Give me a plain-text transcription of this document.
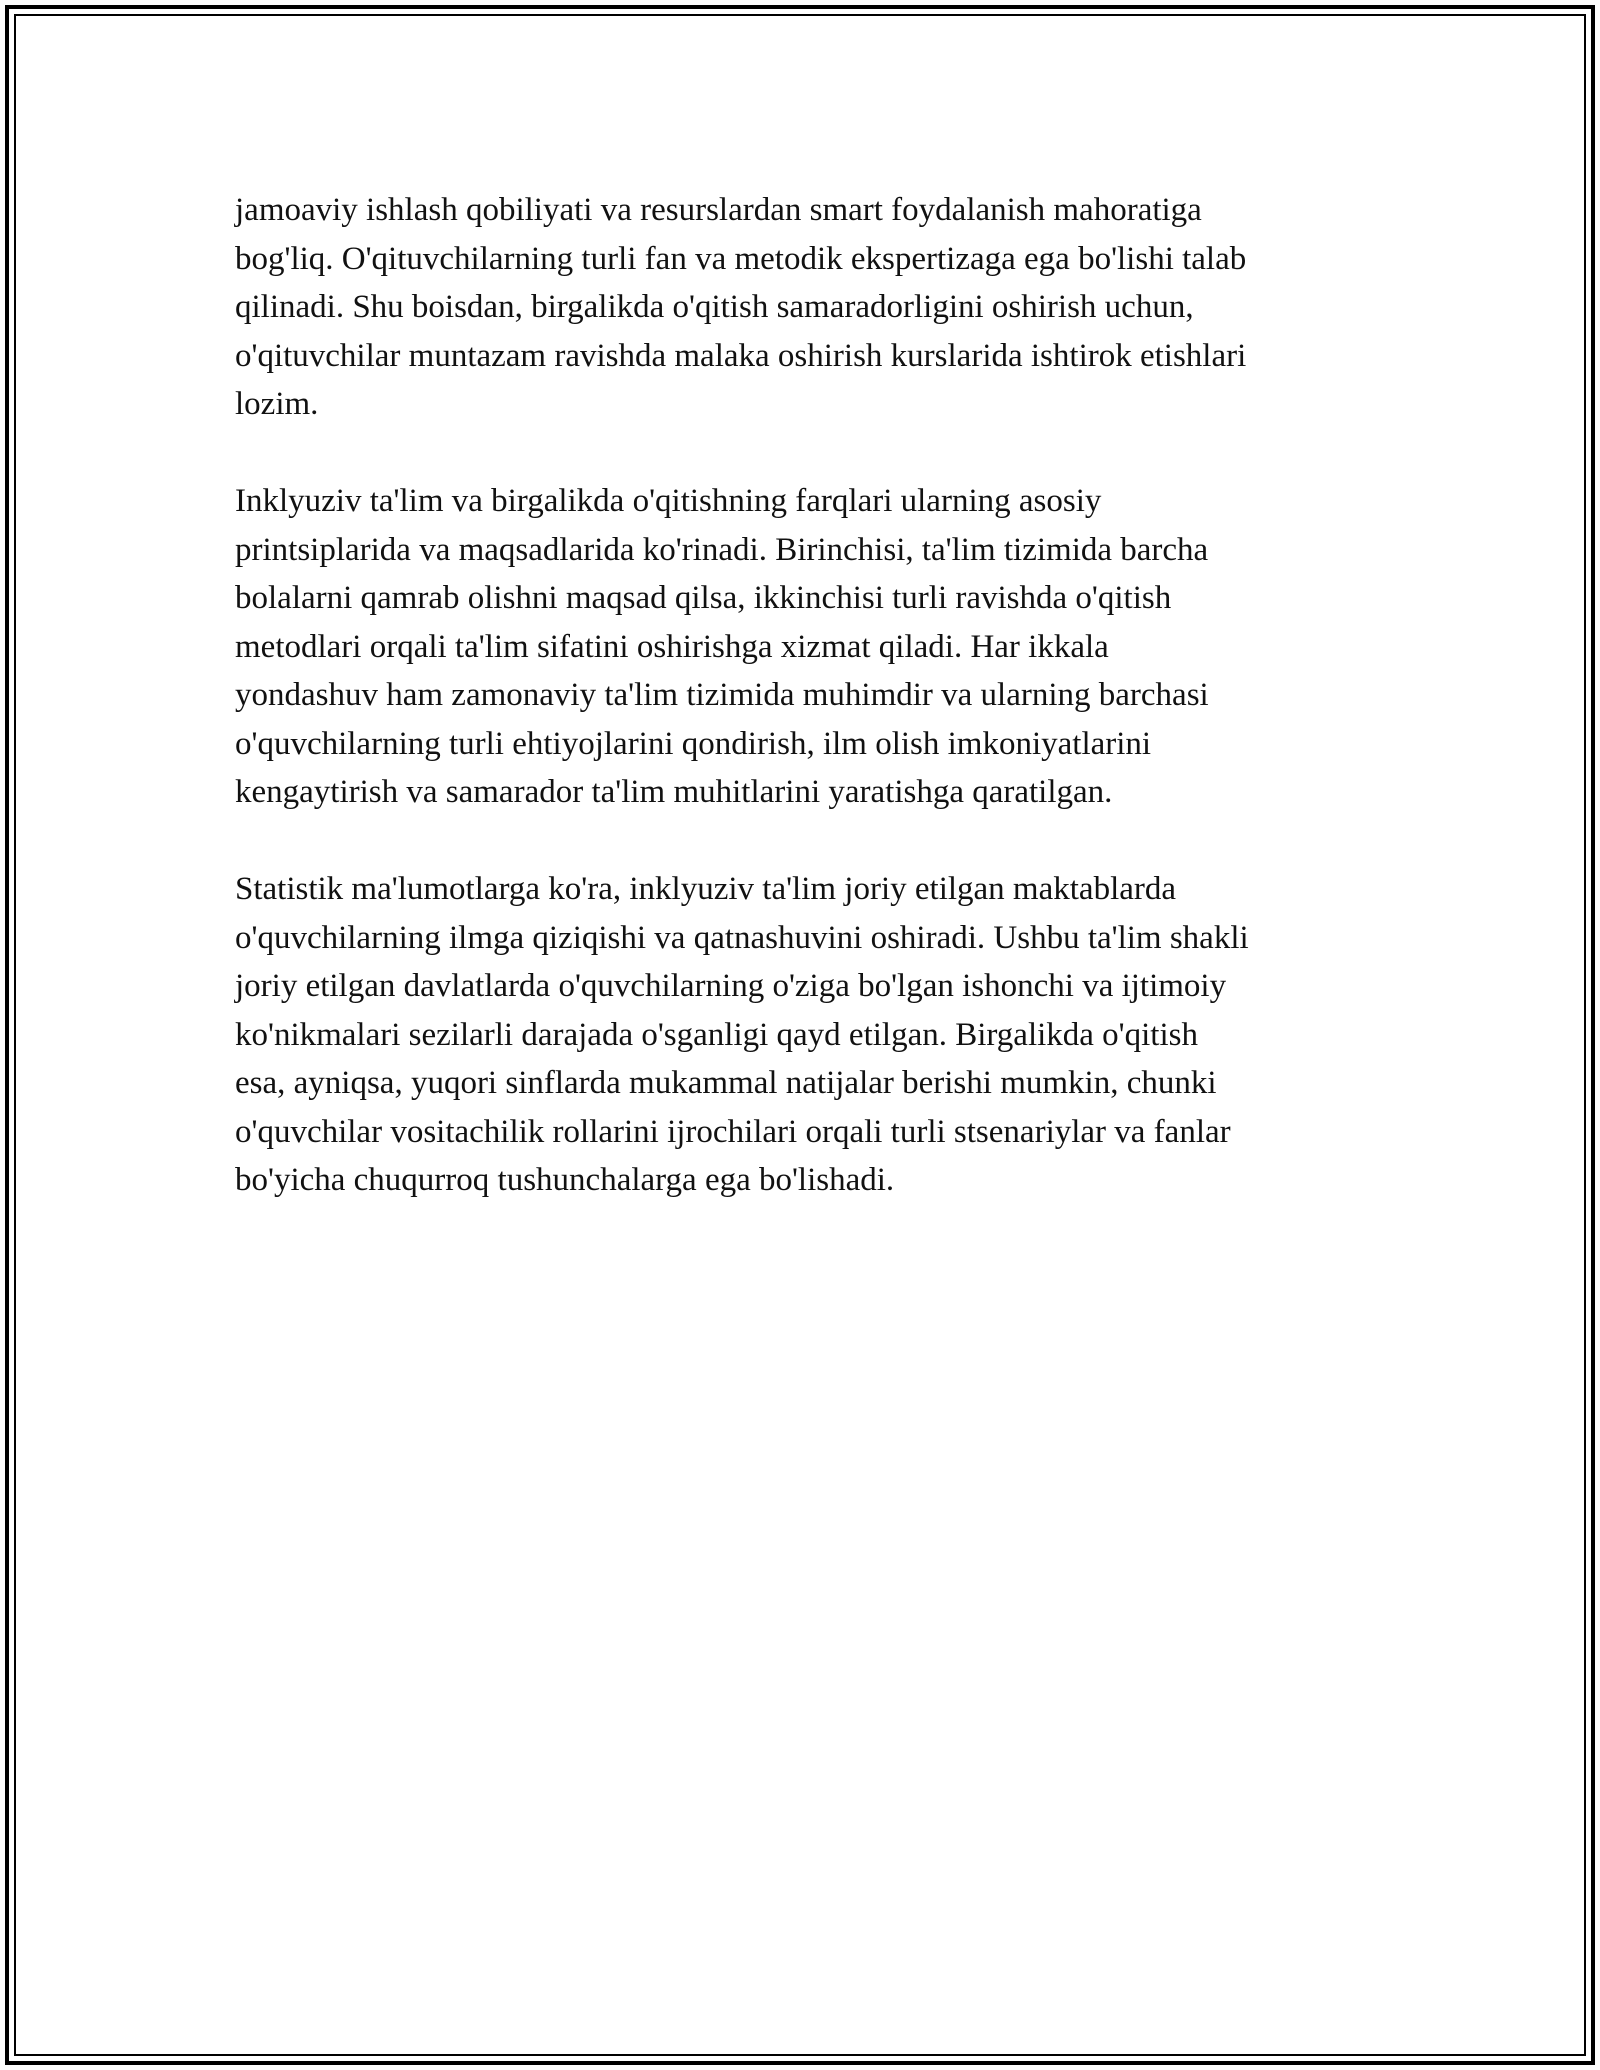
jamoaviy ishlash qobiliyati va resurslardan smart foydalanish mahoratiga
bog'liq. O'qituvchilarning turli fan va metodik ekspertizaga ega bo'lishi talab
qilinadi. Shu boisdan, birgalikda o'qitish samaradorligini oshirish uchun,
o'qituvchilar muntazam ravishda malaka oshirish kurslarida ishtirok etishlari
lozim.

Inklyuziv ta'lim va birgalikda o'qitishning farqlari ularning asosiy
printsiplarida va maqsadlarida ko'rinadi. Birinchisi, ta'lim tizimida barcha
bolalarni qamrab olishni maqsad qilsa, ikkinchisi turli ravishda o'qitish
metodlari orqali ta'lim sifatini oshirishga xizmat qiladi. Har ikkala
yondashuv ham zamonaviy ta'lim tizimida muhimdir va ularning barchasi
o'quvchilarning turli ehtiyojlarini qondirish, ilm olish imkoniyatlarini
kengaytirish va samarador ta'lim muhitlarini yaratishga qaratilgan.

Statistik ma'lumotlarga ko'ra, inklyuziv ta'lim joriy etilgan maktablarda
o'quvchilarning ilmga qiziqishi va qatnashuvini oshiradi. Ushbu ta'lim shakli
joriy etilgan davlatlarda o'quvchilarning o'ziga bo'lgan ishonchi va ijtimoiy
ko'nikmalari sezilarli darajada o'sganligi qayd etilgan. Birgalikda o'qitish
esa, ayniqsa, yuqori sinflarda mukammal natijalar berishi mumkin, chunki
o'quvchilar vositachilik rollarini ijrochilari orqali turli stsenariylar va fanlar
bo'yicha chuqurroq tushunchalarga ega bo'lishadi.
